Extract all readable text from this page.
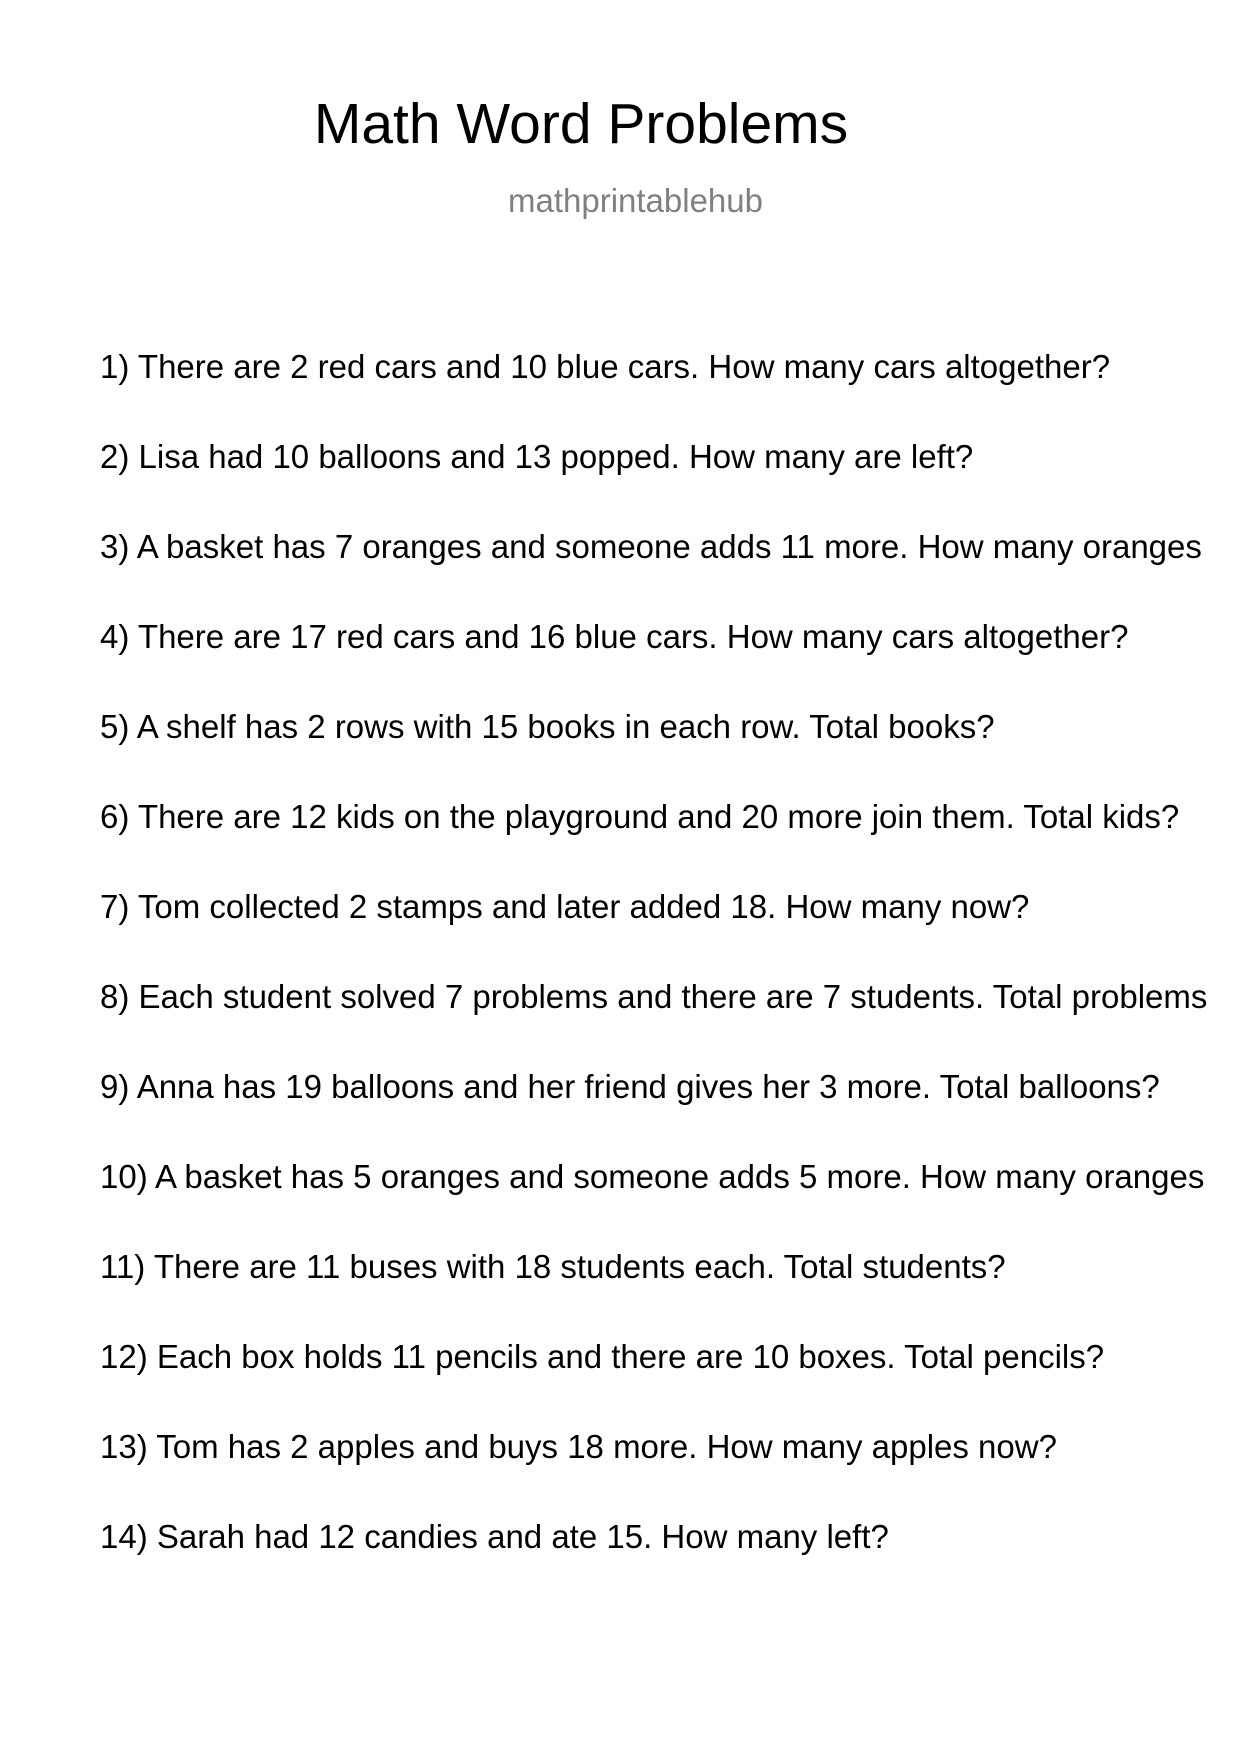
Math Word Problems
mathprintablehub
1) There are 2 red cars and 10 blue cars. How many cars altogether?
2) Lisa had 10 balloons and 13 popped. How many are left?
3) A basket has 7 oranges and someone adds 11 more. How many oranges
4) There are 17 red cars and 16 blue cars. How many cars altogether?
5) A shelf has 2 rows with 15 books in each row. Total books?
6) There are 12 kids on the playground and 20 more join them. Total kids?
7) Tom collected 2 stamps and later added 18. How many now?
8) Each student solved 7 problems and there are 7 students. Total problems
9) Anna has 19 balloons and her friend gives her 3 more. Total balloons?
10) A basket has 5 oranges and someone adds 5 more. How many oranges
11) There are 11 buses with 18 students each. Total students?
12) Each box holds 11 pencils and there are 10 boxes. Total pencils?
13) Tom has 2 apples and buys 18 more. How many apples now?
14) Sarah had 12 candies and ate 15. How many left?
